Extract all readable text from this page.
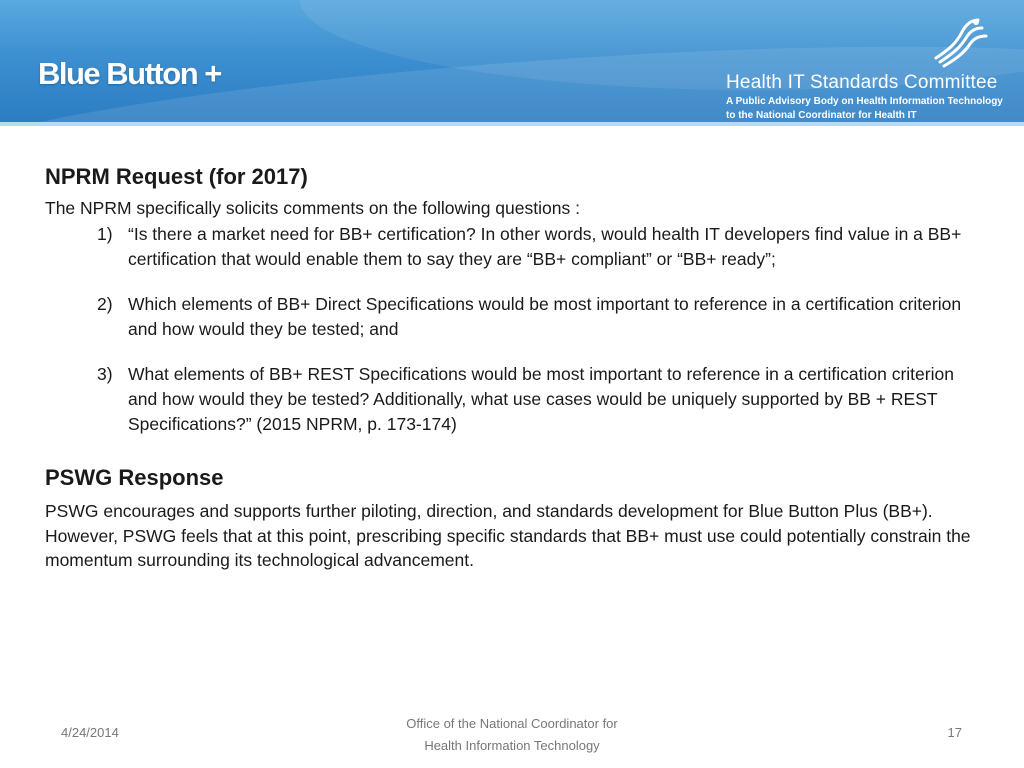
Blue Button +	Health IT Standards Committee
A Public Advisory Body on Health Information Technology
to the National Coordinator for Health IT
NPRM Request (for 2017)
The NPRM specifically solicits comments on the following questions :
1) “Is there a market need for BB+ certification? In other words, would health IT developers find value in a BB+ certification that would enable them to say they are “BB+ compliant” or “BB+ ready”;
2) Which elements of BB+ Direct Specifications would be most important to reference in a certification criterion and how would they be tested; and
3) What elements of BB+ REST Specifications would be most important to reference in a certification criterion and how would they be tested? Additionally, what use cases would be uniquely supported by BB + REST Specifications?” (2015 NPRM, p. 173-174)
PSWG Response
PSWG encourages and supports further piloting, direction, and standards development for Blue Button Plus (BB+). However, PSWG feels that at this point, prescribing specific standards that BB+ must use could potentially constrain the momentum surrounding its technological advancement.
4/24/2014
Office of the National Coordinator for
Health Information Technology
17
